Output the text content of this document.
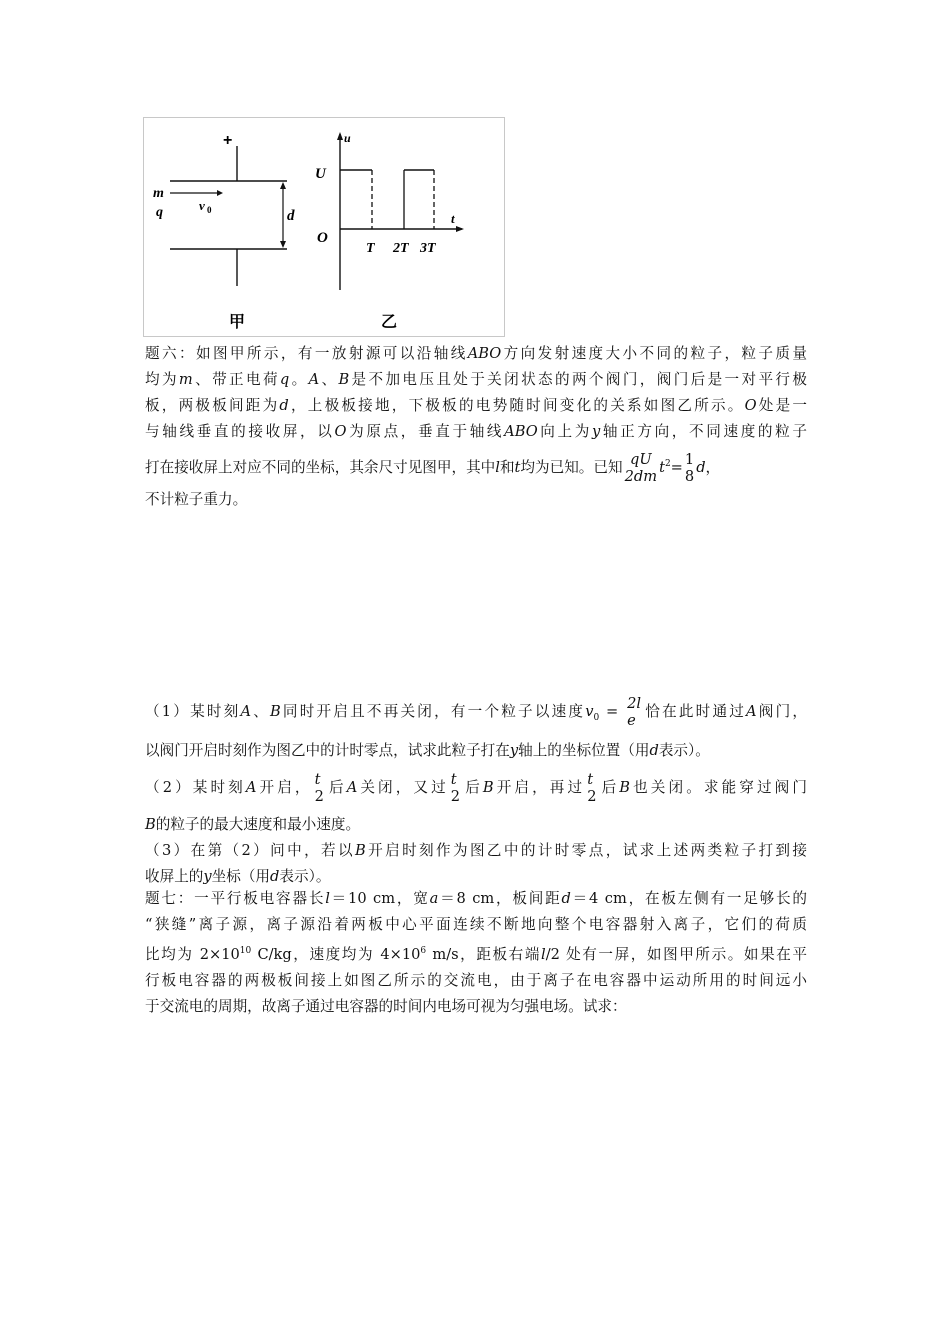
+
m
q	v 0	d
甲
u
t
U
O
T 2T 3T
乙
题六：如图甲所示，有一放射源可以沿轴线ABO方向发射速度大小不同的粒子，粒子质量
均为m、带正电荷q。A、B是不加电压且处于关闭状态的两个阀门，阀门后是一对平行极
板，两极板间距为d，上极板接地，下极板的电势随时间变化的关系如图乙所示。O处是一
与轴线垂直的接收屏，以O为原点，垂直于轴线ABO向上为y轴正方向，不同速度的粒子
打在接收屏上对应不同的坐标，其余尺寸见图甲，其中l和t均为已知。已知 qU
2dm
$t^2= 1$
8
d，
不计粒子重力。
（1）某时刻A、B同时开启且不再关闭，有一个粒子以速度$v_0 = 2l$
e
恰在此时通过A阀门，
以阀门开启时刻作为图乙中的计时零点，试求此粒子打在y轴上的坐标位置（用d表示）。
（2）某时刻A开启， t
2
后A关闭，又过 t
2
后B开启，再过 t
2
后B也关闭。求能穿过阀门
B的粒子的最大速度和最小速度。
（3）在第（2）问中，若以B开启时刻作为图乙中的计时零点，试求上述两类粒子打到接
收屏上的y坐标（用d表示）。
题七：一平行板电容器长l＝10 cm，宽a＝8 cm，板间距d＝4 cm，在板左侧有一足够长的
“狭缝”离子源，离子源沿着两板中心平面连续不断地向整个电容器射入离子，它们的荷质
比均为 $2\times 10^{10}$ C/kg，速度均为 $4\times 10^6$ m/s，距板右端l/2 处有一屏，如图甲所示。如果在平
行板电容器的两极板间接上如图乙所示的交流电，由于离子在电容器中运动所用的时间远小
于交流电的周期，故离子通过电容器的时间内电场可视为匀强电场。试求：
